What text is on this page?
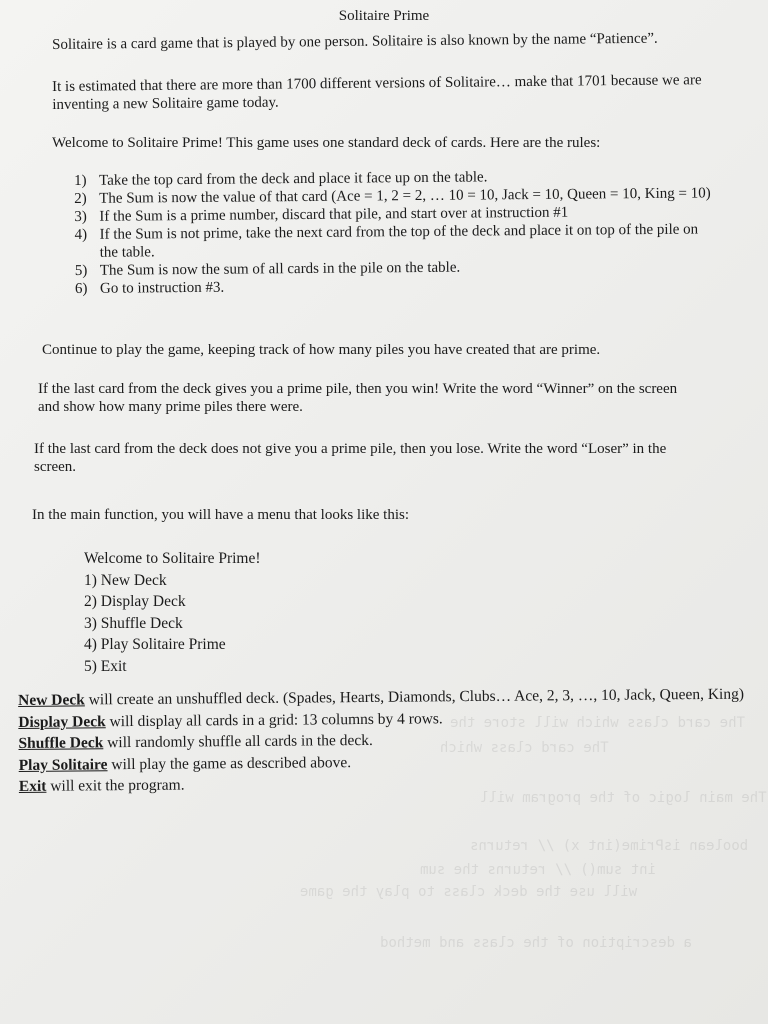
The card class which will store the
The card class which
The main logic of the program will
boolean isPrime(int x) // returns
int sum() // returns the sum
will use the deck class to play the game
a description of the class and method
Solitaire Prime
Solitaire is a card game that is played by one person. Solitaire is also known by the name “Patience”.
It is estimated that there are more than 1700 different versions of Solitaire… make that 1701 because we are inventing a new Solitaire game today.
Welcome to Solitaire Prime! This game uses one standard deck of cards. Here are the rules:
1) Take the top card from the deck and place it face up on the table.
2) The Sum is now the value of that card (Ace = 1, 2 = 2, … 10 = 10, Jack = 10, Queen = 10, King = 10)
3) If the Sum is a prime number, discard that pile, and start over at instruction #1
4) If the Sum is not prime, take the next card from the top of the deck and place it on top of the pile on the table.
5) The Sum is now the sum of all cards in the pile on the table.
6) Go to instruction #3.
Continue to play the game, keeping track of how many piles you have created that are prime.
If the last card from the deck gives you a prime pile, then you win! Write the word “Winner” on the screen and show how many prime piles there were.
If the last card from the deck does not give you a prime pile, then you lose. Write the word “Loser” in the screen.
In the main function, you will have a menu that looks like this:
Welcome to Solitaire Prime!
1) New Deck
2) Display Deck
3) Shuffle Deck
4) Play Solitaire Prime
5) Exit
New Deck will create an unshuffled deck. (Spades, Hearts, Diamonds, Clubs… Ace, 2, 3, …, 10, Jack, Queen, King)
Display Deck will display all cards in a grid: 13 columns by 4 rows.
Shuffle Deck will randomly shuffle all cards in the deck.
Play Solitaire will play the game as described above.
Exit will exit the program.
